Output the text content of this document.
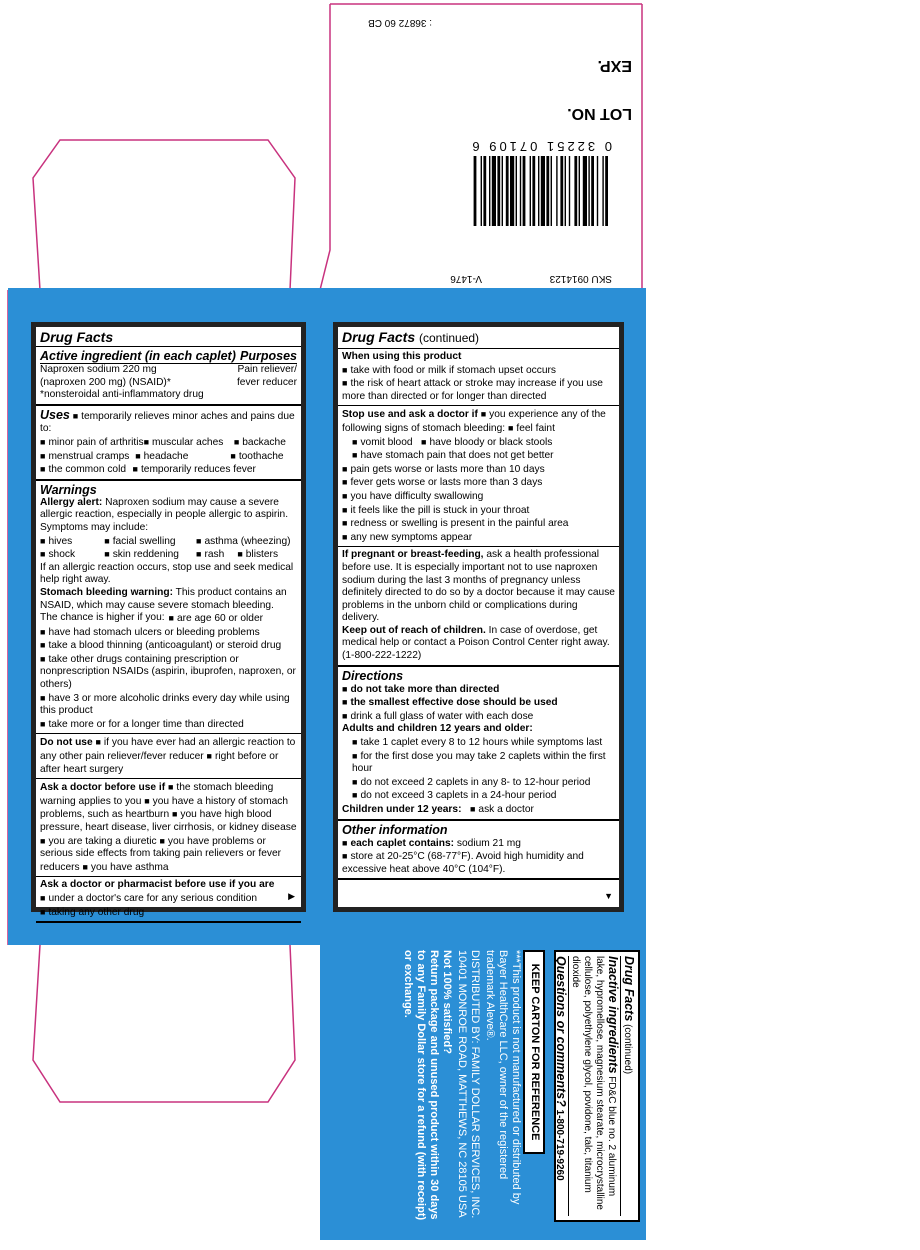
: 36872 60 CB
EXP.
LOT NO.
0 32251 07109 6
SKU 0914123
V-1476
Drug Facts
Active ingredient (in each caplet) Purposes
Naproxen sodium 220 mg	Pain reliever/
(naproxen 200 mg) (NSAID)*	fever reducer
*nonsteroidal anti-inflammatory drug
Uses ■ temporarily relieves minor aches and pains due to:
■ minor pain of arthritis ■ muscular aches	■ backache
■ menstrual cramps	■ headache	■ toothache
■ the common cold	■ temporarily reduces fever
Warnings
Allergy alert: Naproxen sodium may cause a severe allergic reaction, especially in people allergic to aspirin. Symptoms may include:
■ hives	■ facial swelling	■ asthma (wheezing)
■ shock	■ skin reddening	■ rash	■ blisters
If an allergic reaction occurs, stop use and seek medical help right away.
Stomach bleeding warning: This product contains an NSAID, which may cause severe stomach bleeding.
The chance is higher if you:	■ are age 60 or older
■ have had stomach ulcers or bleeding problems
■ take a blood thinning (anticoagulant) or steroid drug
■ take other drugs containing prescription or nonprescription NSAIDs (aspirin, ibuprofen, naproxen, or others)
■ have 3 or more alcoholic drinks every day while using this product
■ take more or for a longer time than directed
Do not use ■ if you have ever had an allergic reaction to any other pain reliever/fever reducer ■ right before or after heart surgery
Ask a doctor before use if ■ the stomach bleeding warning applies to you ■ you have a history of stomach problems, such as heartburn ■ you have high blood pressure, heart disease, liver cirrhosis, or kidney disease ■ you are taking a diuretic ■ you have problems or serious side effects from taking pain relievers or fever reducers ■ you have asthma
Ask a doctor or pharmacist before use if you are
■ under a doctor's care for any serious condition
■ taking any other drug
▶
Drug Facts (continued)
When using this product
■ take with food or milk if stomach upset occurs
■ the risk of heart attack or stroke may increase if you use more than directed or for longer than directed
Stop use and ask a doctor if ■ you experience any of the following signs of stomach bleeding: ■ feel faint
■ vomit blood ■ have bloody or black stools
■ have stomach pain that does not get better
■ pain gets worse or lasts more than 10 days
■ fever gets worse or lasts more than 3 days
■ you have difficulty swallowing
■ it feels like the pill is stuck in your throat
■ redness or swelling is present in the painful area
■ any new symptoms appear
If pregnant or breast-feeding, ask a health professional before use. It is especially important not to use naproxen sodium during the last 3 months of pregnancy unless definitely directed to do so by a doctor because it may cause problems in the unborn child or complications during delivery.
Keep out of reach of children. In case of overdose, get medical help or contact a Poison Control Center right away. (1-800-222-1222)
Directions
■ do not take more than directed
■ the smallest effective dose should be used
■ drink a full glass of water with each dose
Adults and children 12 years and older:
■ take 1 caplet every 8 to 12 hours while symptoms last
■ for the first dose you may take 2 caplets within the first hour
■ do not exceed 2 caplets in any 8- to 12-hour period
■ do not exceed 3 caplets in a 24-hour period
Children under 12 years: ■ ask a doctor
Other information
■ each caplet contains: sodium 21 mg
■ store at 20-25°C (68-77°F). Avoid high humidity and excessive heat above 40°C (104°F).
▼
Drug Facts (continued)
Inactive ingredients FD&C blue no. 2 aluminum lake, hypromellose, magnesium stearate, microcrystalline cellulose, polyethylene glycol, povidone, talc, titanium dioxide
Questions or comments? 1-800-719-9260
KEEP CARTON FOR REFERENCE
***This product is not manufactured or distributed by Bayer HealthCare LLC, owner of the registered trademark Aleve®.
DISTRIBUTED BY: FAMILY DOLLAR SERVICES, INC. 10401 MONROE ROAD, MATTHEWS, NC 28105 USA
Not 100% satisfied?
Return package and unused product within 30 days to any Family Dollar store for a refund (with receipt) or exchange.
